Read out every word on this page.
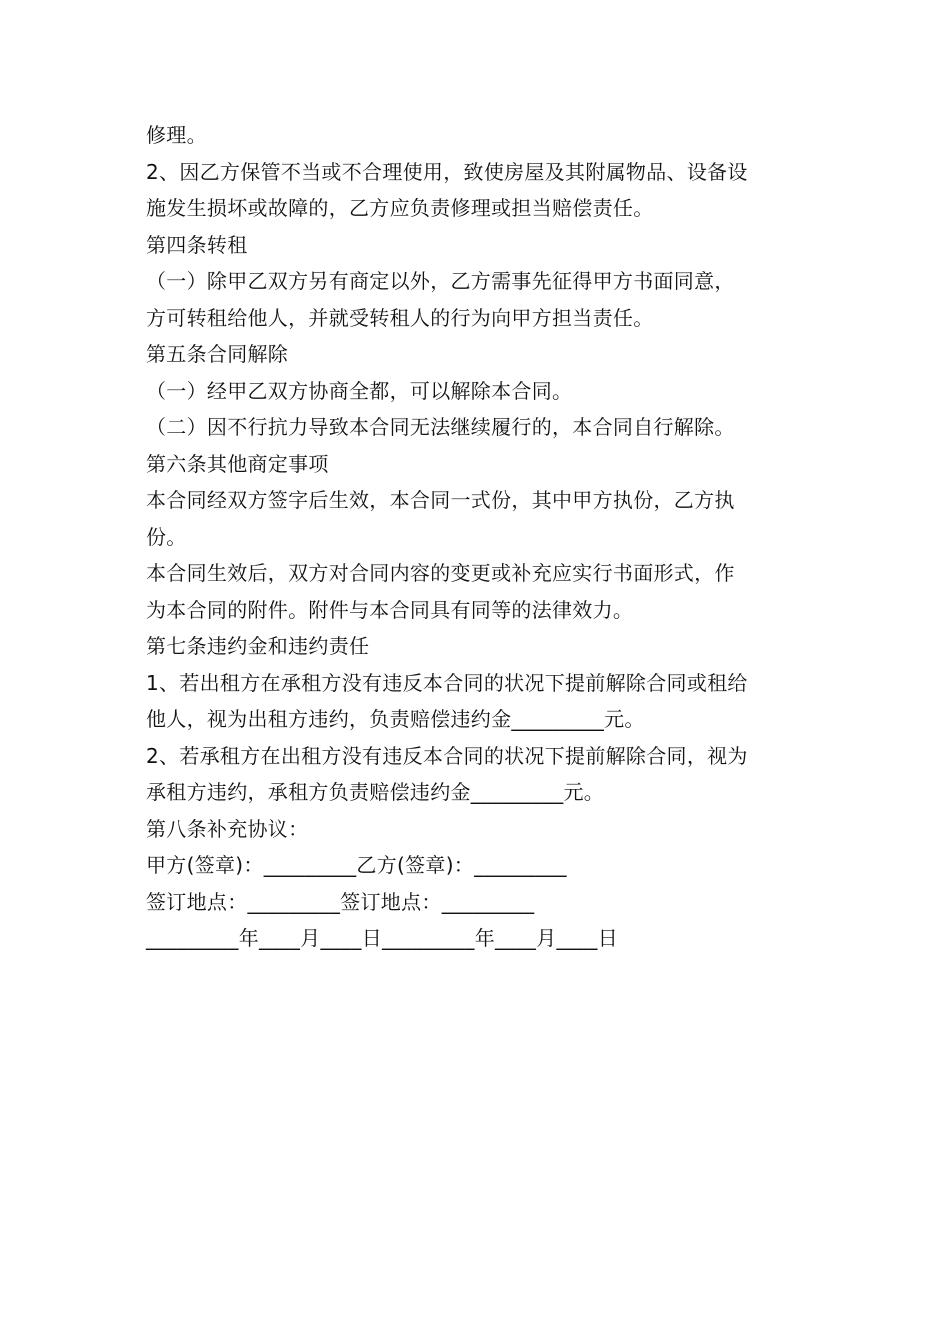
修理。
2、因乙方保管不当或不合理使用，致使房屋及其附属物品、设备设
施发生损坏或故障的，乙方应负责修理或担当赔偿责任。
第四条转租
（一）除甲乙双方另有商定以外，乙方需事先征得甲方书面同意，
方可转租给他人，并就受转租人的行为向甲方担当责任。
第五条合同解除
（一）经甲乙双方协商全都，可以解除本合同。
（二）因不行抗力导致本合同无法继续履行的，本合同自行解除。
第六条其他商定事项
本合同经双方签字后生效，本合同一式份，其中甲方执份，乙方执
份。
本合同生效后，双方对合同内容的变更或补充应实行书面形式，作
为本合同的附件。附件与本合同具有同等的法律效力。
第七条违约金和违约责任
1、若出租方在承租方没有违反本合同的状况下提前解除合同或租给
他人，视为出租方违约，负责赔偿违约金_________元。
2、若承租方在出租方没有违反本合同的状况下提前解除合同，视为
承租方违约，承租方负责赔偿违约金_________元。
第八条补充协议：
甲方(签章)：_________乙方(签章)：_________
签订地点：_________签订地点：_________
_________年____月____日_________年____月____日
